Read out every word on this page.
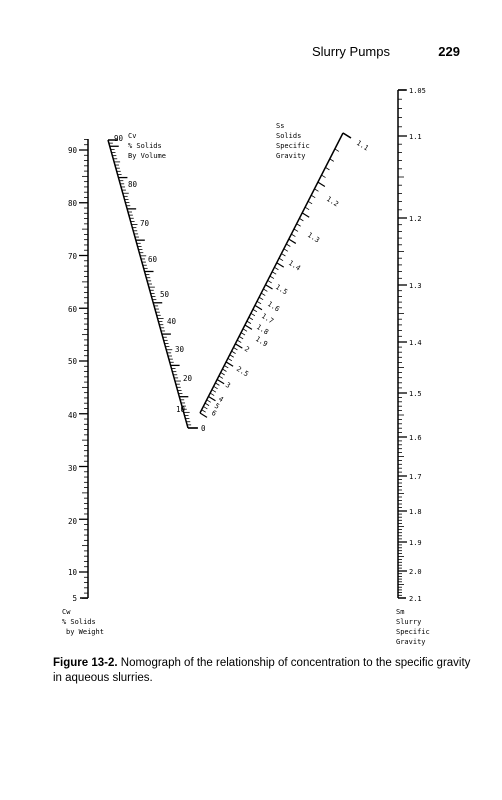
Slurry Pumps	229
5
10
20
30
40
50
60
70
80
90
Cw
% Solids
by Weight
0
10
20
30
40
50
60
70
80
90 Cv
% Solids
By Volume
1.1
1.2
1.3
1.4
1.5
1.6
1.7
1.8
1.9
2
2.5
3
4
5
6
Ss
Solids
Specific
Gravity
1.05
1.1
1.2
1.3
1.4
1.5
1.6
1.7
1.8
1.9
2.0
2.1
Sm
Slurry
Specific
Gravity
Figure 13-2. Nomograph of the relationship of concentration to the specific gravity in aqueous slurries.
